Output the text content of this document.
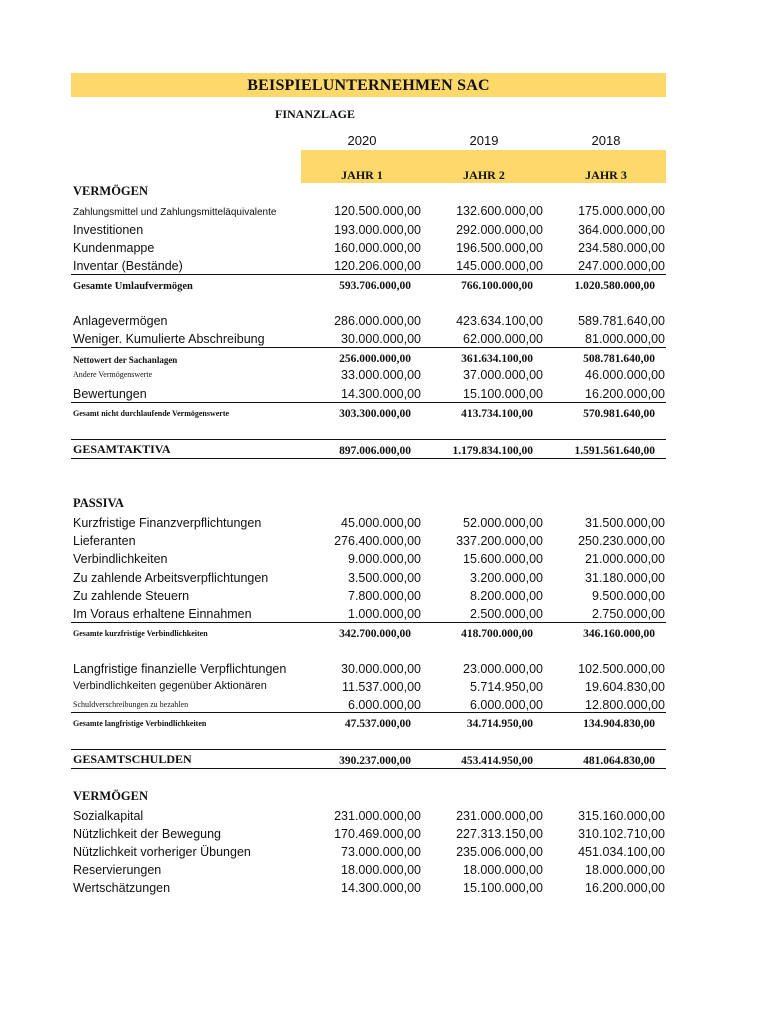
BEISPIELUNTERNEHMEN SAC
FINANZLAGE
2020	2019	2018
JAHR 1	JAHR 2	JAHR 3
VERMÖGEN
Zahlungsmittel und Zahlungsmitteläquivalente	120.500.000,00	132.600.000,00	175.000.000,00
Investitionen	193.000.000,00	292.000.000,00	364.000.000,00
Kundenmappe	160.000.000,00	196.500.000,00	234.580.000,00
Inventar (Bestände)	120.206.000,00	145.000.000,00	247.000.000,00
Gesamte Umlaufvermögen	593.706.000,00	766.100.000,00	1.020.580.000,00
Anlagevermögen	286.000.000,00	423.634.100,00	589.781.640,00
Weniger. Kumulierte Abschreibung	30.000.000,00	62.000.000,00	81.000.000,00
Nettowert der Sachanlagen	256.000.000,00	361.634.100,00	508.781.640,00
Andere Vermögenswerte	33.000.000,00	37.000.000,00	46.000.000,00
Bewertungen	14.300.000,00	15.100.000,00	16.200.000,00
Gesamt nicht durchlaufende Vermögenswerte	303.300.000,00	413.734.100,00	570.981.640,00
GESAMTAKTIVA	897.006.000,00	1.179.834.100,00	1.591.561.640,00
PASSIVA
Kurzfristige Finanzverpflichtungen	45.000.000,00	52.000.000,00	31.500.000,00
Lieferanten	276.400.000,00	337.200.000,00	250.230.000,00
Verbindlichkeiten	9.000.000,00	15.600.000,00	21.000.000,00
Zu zahlende Arbeitsverpflichtungen	3.500.000,00	3.200.000,00	31.180.000,00
Zu zahlende Steuern	7.800.000,00	8.200.000,00	9.500.000,00
Im Voraus erhaltene Einnahmen	1.000.000,00	2.500.000,00	2.750.000,00
Gesamte kurzfristige Verbindlichkeiten	342.700.000,00	418.700.000,00	346.160.000,00
Langfristige finanzielle Verpflichtungen	30.000.000,00	23.000.000,00	102.500.000,00
Verbindlichkeiten gegenüber Aktionären	11.537.000,00	5.714.950,00	19.604.830,00
Schuldverschreibungen zu bezahlen	6.000.000,00	6.000.000,00	12.800.000,00
Gesamte langfristige Verbindlichkeiten	47.537.000,00	34.714.950,00	134.904.830,00
GESAMTSCHULDEN	390.237.000,00	453.414.950,00	481.064.830,00
VERMÖGEN
Sozialkapital	231.000.000,00	231.000.000,00	315.160.000,00
Nützlichkeit der Bewegung	170.469.000,00	227.313.150,00	310.102.710,00
Nützlichkeit vorheriger Übungen	73.000.000,00	235.006.000,00	451.034.100,00
Reservierungen	18.000.000,00	18.000.000,00	18.000.000,00
Wertschätzungen	14.300.000,00	15.100.000,00	16.200.000,00
